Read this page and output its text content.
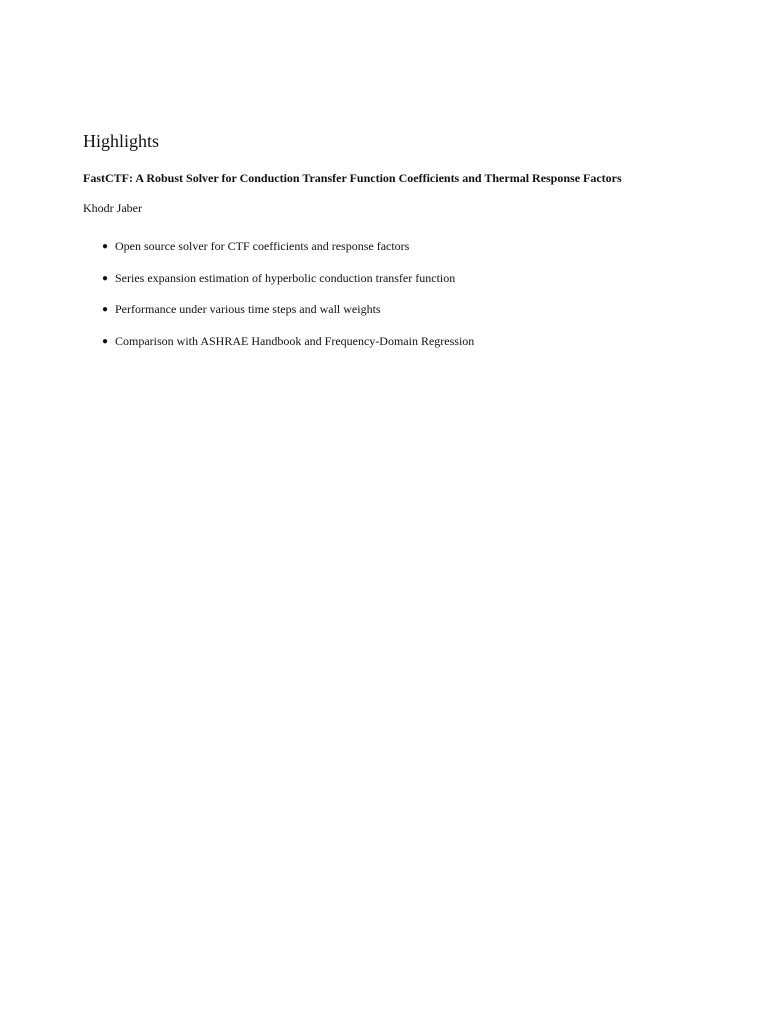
Highlights

FastCTF: A Robust Solver for Conduction Transfer Function Coefficients and Thermal Response Factors

Khodr Jaber

● Open source solver for CTF coefficients and response factors
● Series expansion estimation of hyperbolic conduction transfer function
● Performance under various time steps and wall weights
● Comparison with ASHRAE Handbook and Frequency-Domain Regression
